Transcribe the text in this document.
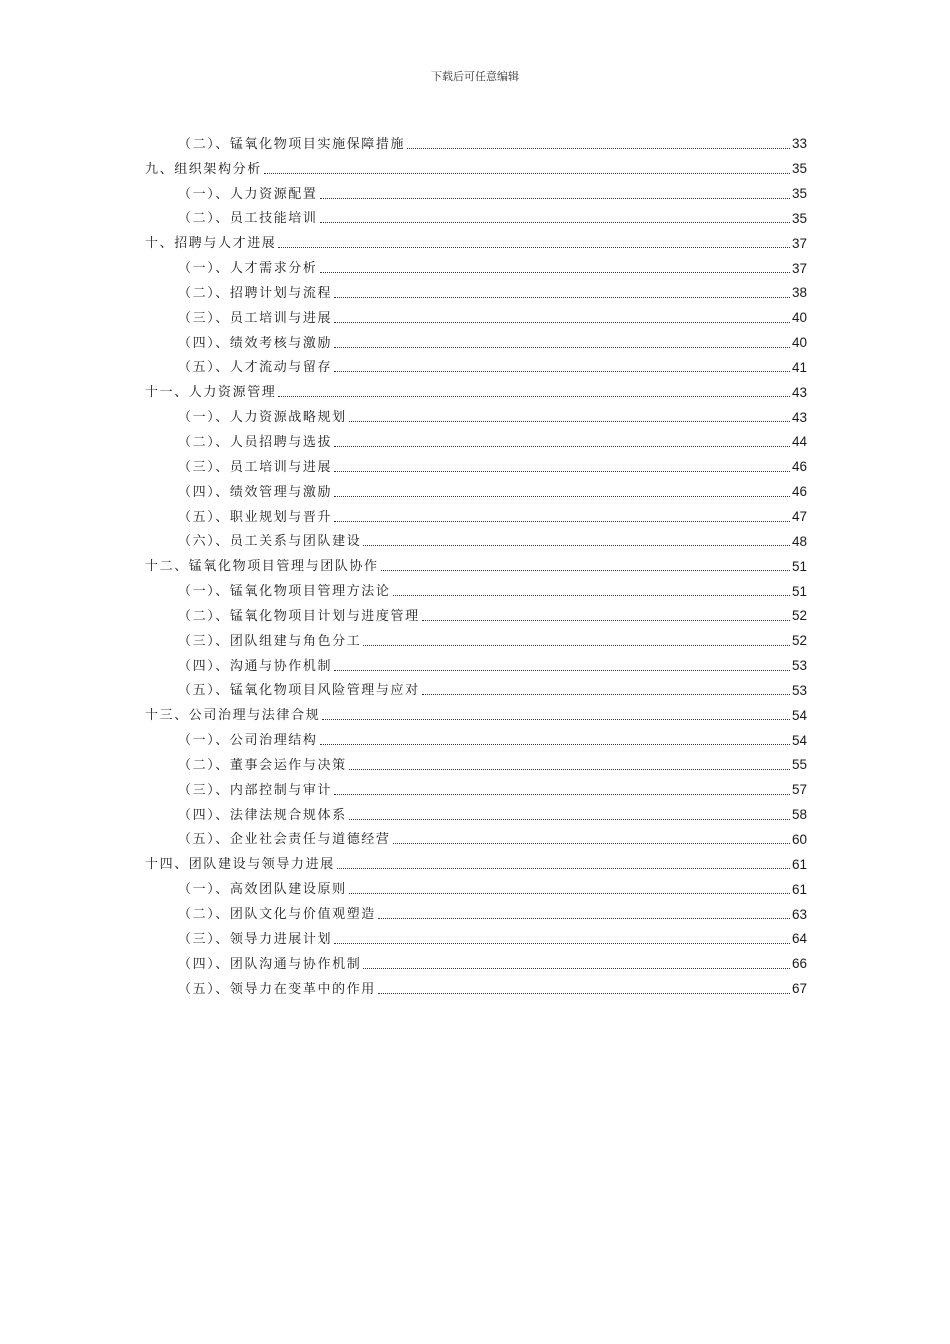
下载后可任意编辑
（二）、锰氧化物项目实施保障措施	33
九、组织架构分析	35
（一）、人力资源配置	35
（二）、员工技能培训	35
十、招聘与人才进展	37
（一）、人才需求分析	37
（二）、招聘计划与流程	38
（三）、员工培训与进展	40
（四）、绩效考核与激励	40
（五）、人才流动与留存	41
十一、人力资源管理	43
（一）、人力资源战略规划	43
（二）、人员招聘与选拔	44
（三）、员工培训与进展	46
（四）、绩效管理与激励	46
（五）、职业规划与晋升	47
（六）、员工关系与团队建设	48
十二、锰氧化物项目管理与团队协作	51
（一）、锰氧化物项目管理方法论	51
（二）、锰氧化物项目计划与进度管理	52
（三）、团队组建与角色分工	52
（四）、沟通与协作机制	53
（五）、锰氧化物项目风险管理与应对	53
十三、公司治理与法律合规	54
（一）、公司治理结构	54
（二）、董事会运作与决策	55
（三）、内部控制与审计	57
（四）、法律法规合规体系	58
（五）、企业社会责任与道德经营	60
十四、团队建设与领导力进展	61
（一）、高效团队建设原则	61
（二）、团队文化与价值观塑造	63
（三）、领导力进展计划	64
（四）、团队沟通与协作机制	66
（五）、领导力在变革中的作用	67
